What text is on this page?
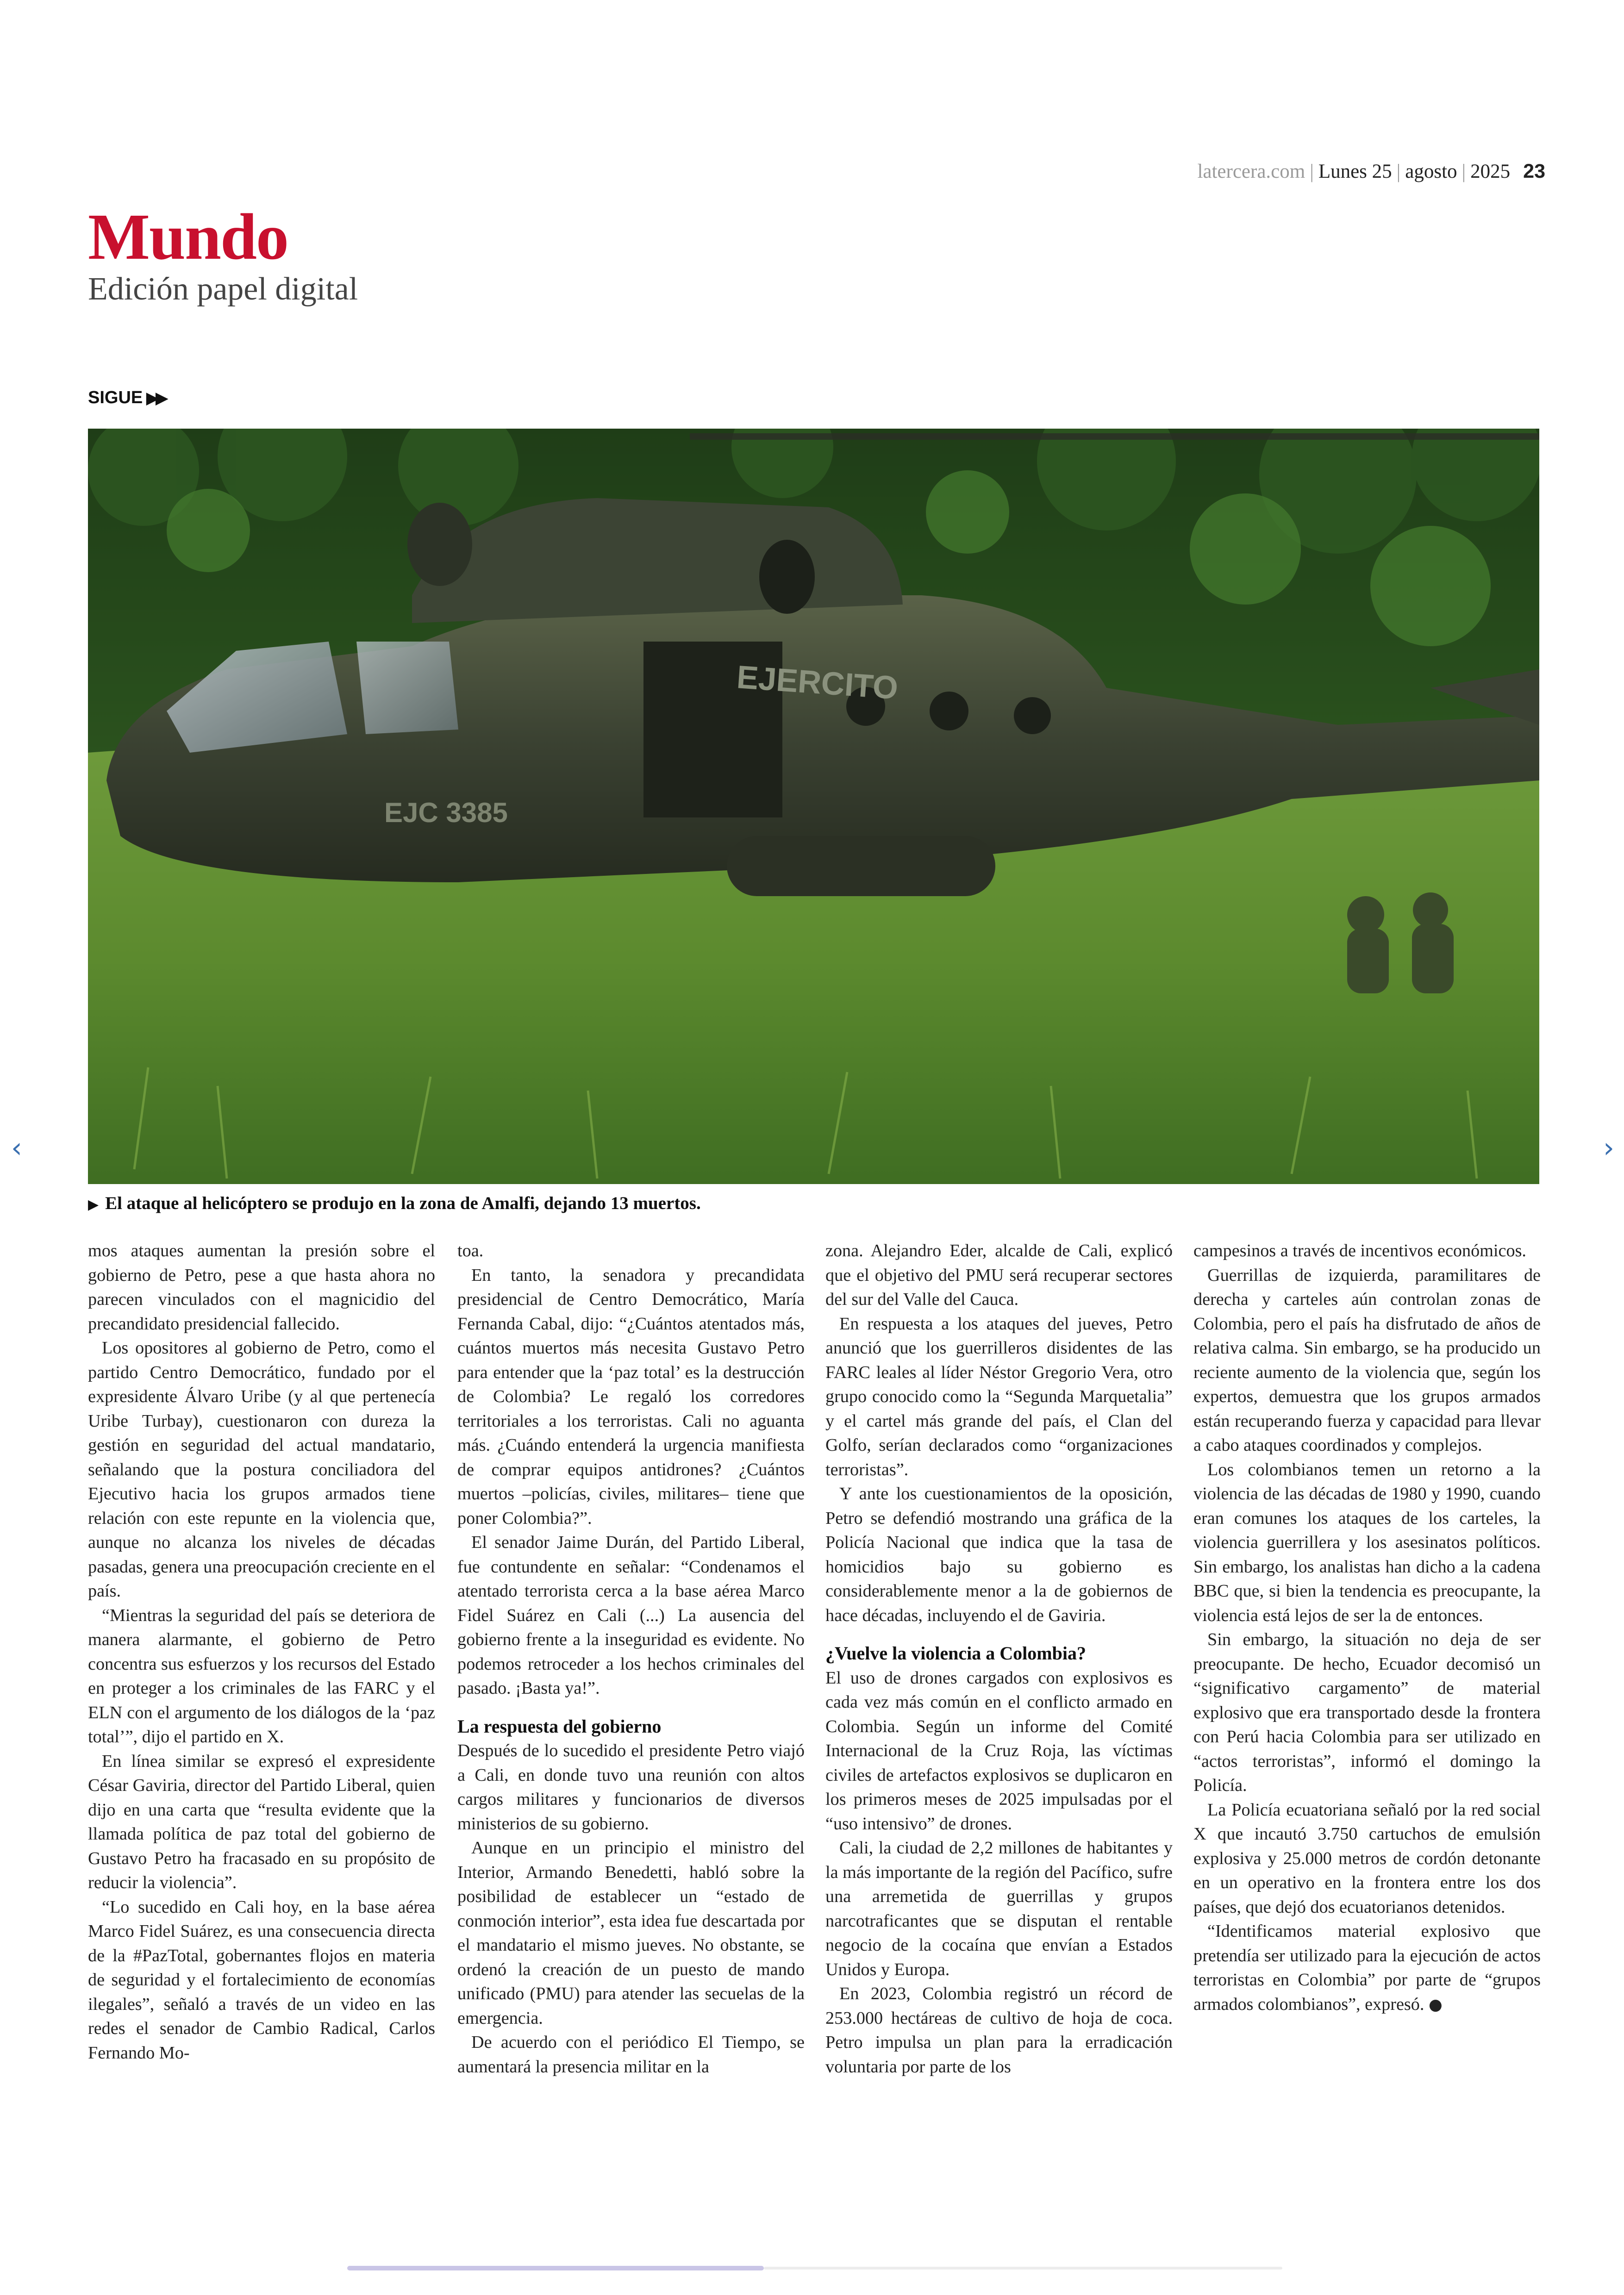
latercera.com | Lunes 25 | agosto | 2025 23
Mundo
Edición papel digital
SIGUE ▶▶
EJC 3385
EJERCITO
▶ El ataque al helicóptero se produjo en la zona de Amalfi, dejando 13 muertos.
‹	›

mos ataques aumentan la presión sobre el gobierno de Petro, pese a que hasta ahora no parecen vinculados con el magnicidio del precandidato presidencial fallecido.

Los opositores al gobierno de Petro, como el partido Centro Democrático, fundado por el expresidente Álvaro Uribe (y al que pertenecía Uribe Turbay), cuestionaron con dureza la gestión en seguridad del actual mandatario, señalando que la postura conciliadora del Ejecutivo hacia los grupos armados tiene relación con este repunte en la violencia que, aunque no alcanza los niveles de décadas pasadas, genera una preocupación creciente en el país.

“Mientras la seguridad del país se deteriora de manera alarmante, el gobierno de Petro concentra sus esfuerzos y los recursos del Estado en proteger a los criminales de las FARC y el ELN con el argumento de los diálogos de la ‘paz total’”, dijo el partido en X.

En línea similar se expresó el expresidente César Gaviria, director del Partido Liberal, quien dijo en una carta que “resulta evidente que la llamada política de paz total del gobierno de Gustavo Petro ha fracasado en su propósito de reducir la violencia”.

“Lo sucedido en Cali hoy, en la base aérea Marco Fidel Suárez, es una consecuencia directa de la #PazTotal, gobernantes flojos en materia de seguridad y el fortalecimiento de economías ilegales”, señaló a través de un video en las redes el senador de Cambio Radical, Carlos Fernando Mo-

toa.

En tanto, la senadora y precandidata presidencial de Centro Democrático, María Fernanda Cabal, dijo: “¿Cuántos atentados más, cuántos muertos más necesita Gustavo Petro para entender que la ‘paz total’ es la destrucción de Colombia? Le regaló los corredores territoriales a los terroristas. Cali no aguanta más. ¿Cuándo entenderá la urgencia manifiesta de comprar equipos antidrones? ¿Cuántos muertos –policías, civiles, militares– tiene que poner Colombia?”.

El senador Jaime Durán, del Partido Liberal, fue contundente en señalar: “Condenamos el atentado terrorista cerca a la base aérea Marco Fidel Suárez en Cali (...) La ausencia del gobierno frente a la inseguridad es evidente. No podemos retroceder a los hechos criminales del pasado. ¡Basta ya!”.

La respuesta del gobierno

Después de lo sucedido el presidente Petro viajó a Cali, en donde tuvo una reunión con altos cargos militares y funcionarios de diversos ministerios de su gobierno.

Aunque en un principio el ministro del Interior, Armando Benedetti, habló sobre la posibilidad de establecer un “estado de conmoción interior”, esta idea fue descartada por el mandatario el mismo jueves. No obstante, se ordenó la creación de un puesto de mando unificado (PMU) para atender las secuelas de la emergencia.

De acuerdo con el periódico El Tiempo, se aumentará la presencia militar en la

zona. Alejandro Eder, alcalde de Cali, explicó que el objetivo del PMU será recuperar sectores del sur del Valle del Cauca.

En respuesta a los ataques del jueves, Petro anunció que los guerrilleros disidentes de las FARC leales al líder Néstor Gregorio Vera, otro grupo conocido como la “Segunda Marquetalia” y el cartel más grande del país, el Clan del Golfo, serían declarados como “organizaciones terroristas”.

Y ante los cuestionamientos de la oposición, Petro se defendió mostrando una gráfica de la Policía Nacional que indica que la tasa de homicidios bajo su gobierno es considerablemente menor a la de gobiernos de hace décadas, incluyendo el de Gaviria.

¿Vuelve la violencia a Colombia?

El uso de drones cargados con explosivos es cada vez más común en el conflicto armado en Colombia. Según un informe del Comité Internacional de la Cruz Roja, las víctimas civiles de artefactos explosivos se duplicaron en los primeros meses de 2025 impulsadas por el “uso intensivo” de drones.

Cali, la ciudad de 2,2 millones de habitantes y la más importante de la región del Pacífico, sufre una arremetida de guerrillas y grupos narcotraficantes que se disputan el rentable negocio de la cocaína que envían a Estados Unidos y Europa.

En 2023, Colombia registró un récord de 253.000 hectáreas de cultivo de hoja de coca. Petro impulsa un plan para la erradicación voluntaria por parte de los

campesinos a través de incentivos económicos.

Guerrillas de izquierda, paramilitares de derecha y carteles aún controlan zonas de Colombia, pero el país ha disfrutado de años de relativa calma. Sin embargo, se ha producido un reciente aumento de la violencia que, según los expertos, demuestra que los grupos armados están recuperando fuerza y capacidad para llevar a cabo ataques coordinados y complejos.

Los colombianos temen un retorno a la violencia de las décadas de 1980 y 1990, cuando eran comunes los ataques de los carteles, la violencia guerrillera y los asesinatos políticos. Sin embargo, los analistas han dicho a la cadena BBC que, si bien la tendencia es preocupante, la violencia está lejos de ser la de entonces.

Sin embargo, la situación no deja de ser preocupante. De hecho, Ecuador decomisó un “significativo cargamento” de material explosivo que era transportado desde la frontera con Perú hacia Colombia para ser utilizado en “actos terroristas”, informó el domingo la Policía.

La Policía ecuatoriana señaló por la red social X que incautó 3.750 cartuchos de emulsión explosiva y 25.000 metros de cordón detonante en un operativo en la frontera entre los dos países, que dejó dos ecuatorianos detenidos.

“Identificamos material explosivo que pretendía ser utilizado para la ejecución de actos terroristas en Colombia” por parte de “grupos armados colombianos”, expresó. ●
